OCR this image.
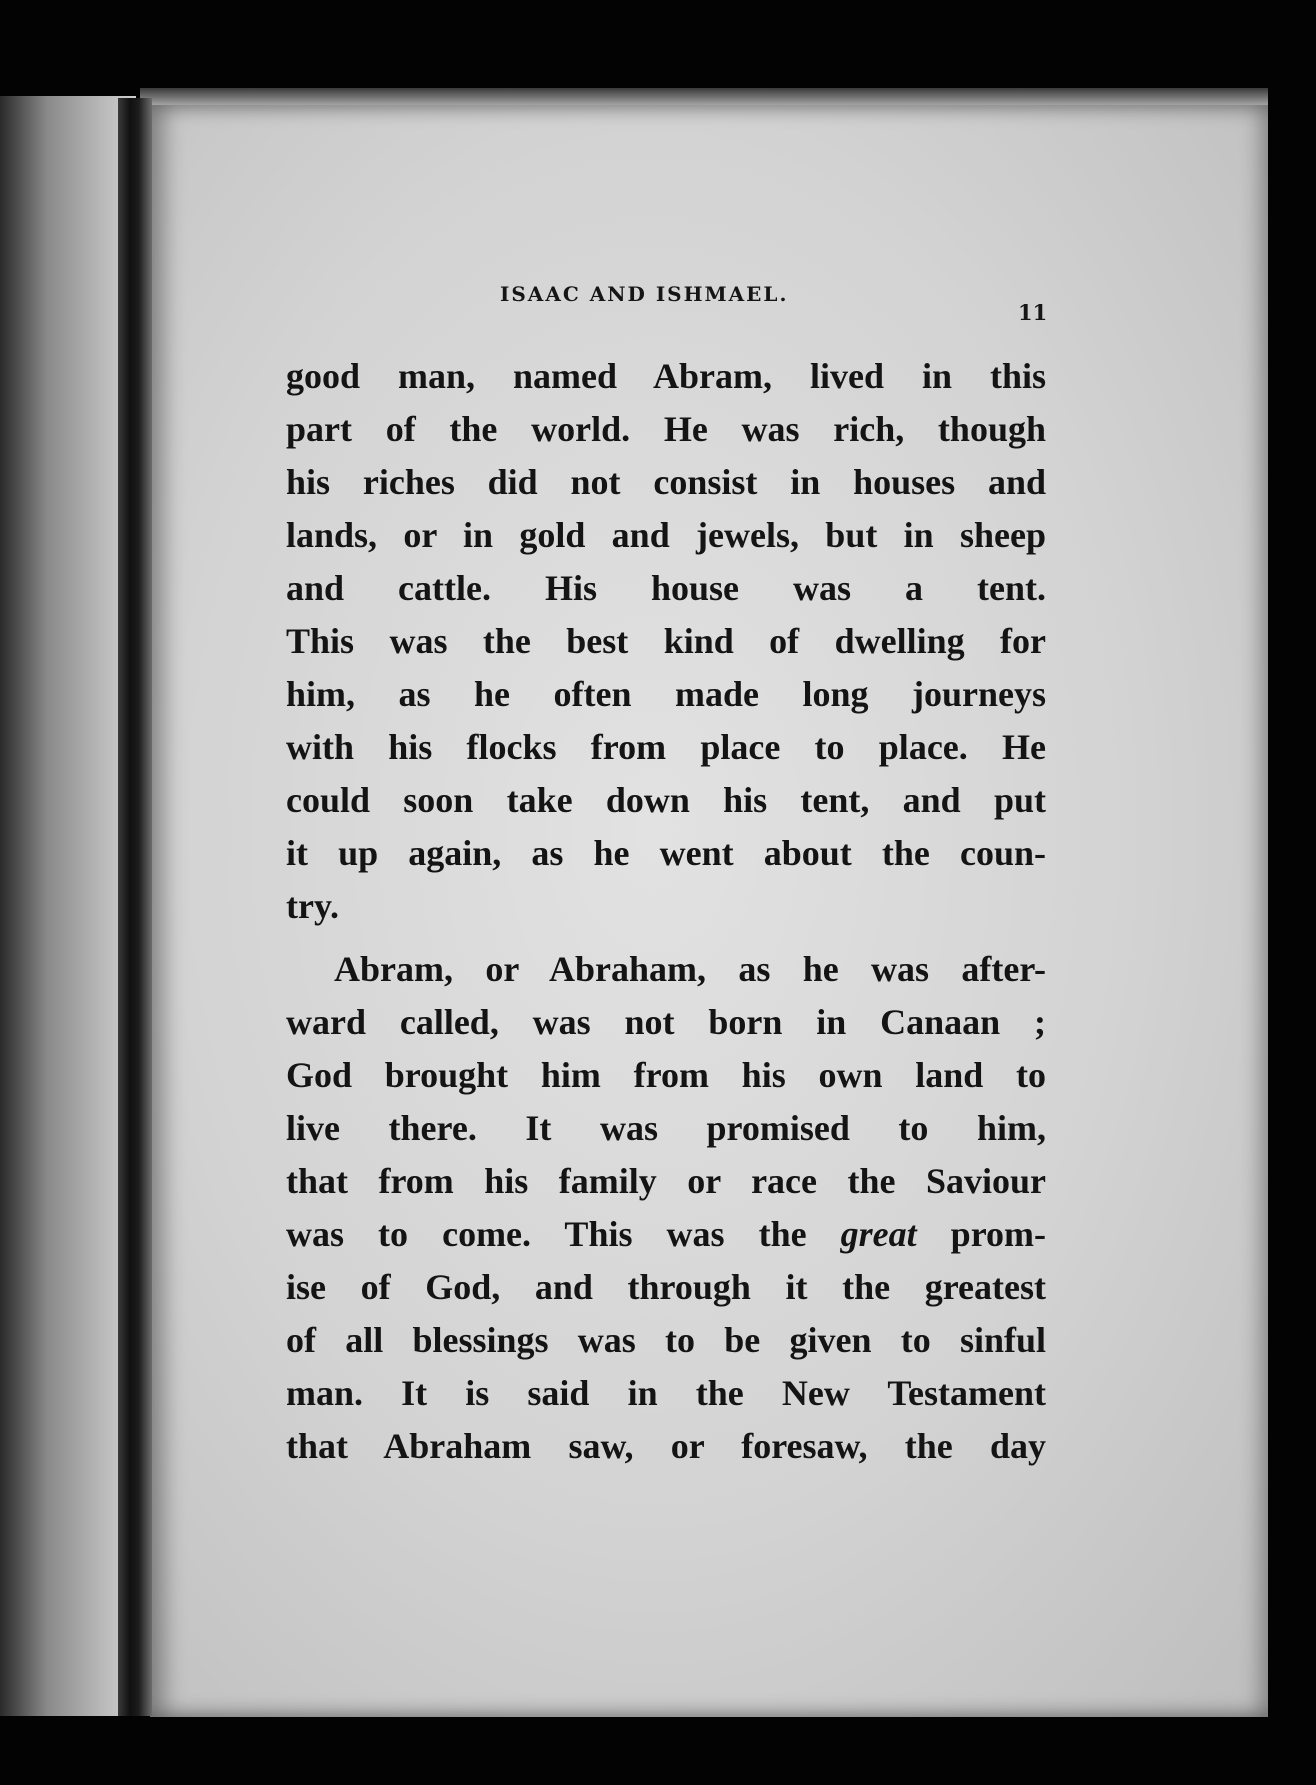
ISAAC AND ISHMAEL.
11
good man, named Abram, lived in this
part of the world. He was rich, though
his riches did not consist in houses and
lands, or in gold and jewels, but in sheep
and cattle. His house was a tent.
This was the best kind of dwelling for
him, as he often made long journeys
with his flocks from place to place. He
could soon take down his tent, and put
it up again, as he went about the coun-
try.
Abram, or Abraham, as he was after-
ward called, was not born in Canaan ;
God brought him from his own land to
live there. It was promised to him,
that from his family or race the Saviour
was to come. This was the great prom-
ise of God, and through it the greatest
of all blessings was to be given to sinful
man. It is said in the New Testament
that Abraham saw, or foresaw, the day
